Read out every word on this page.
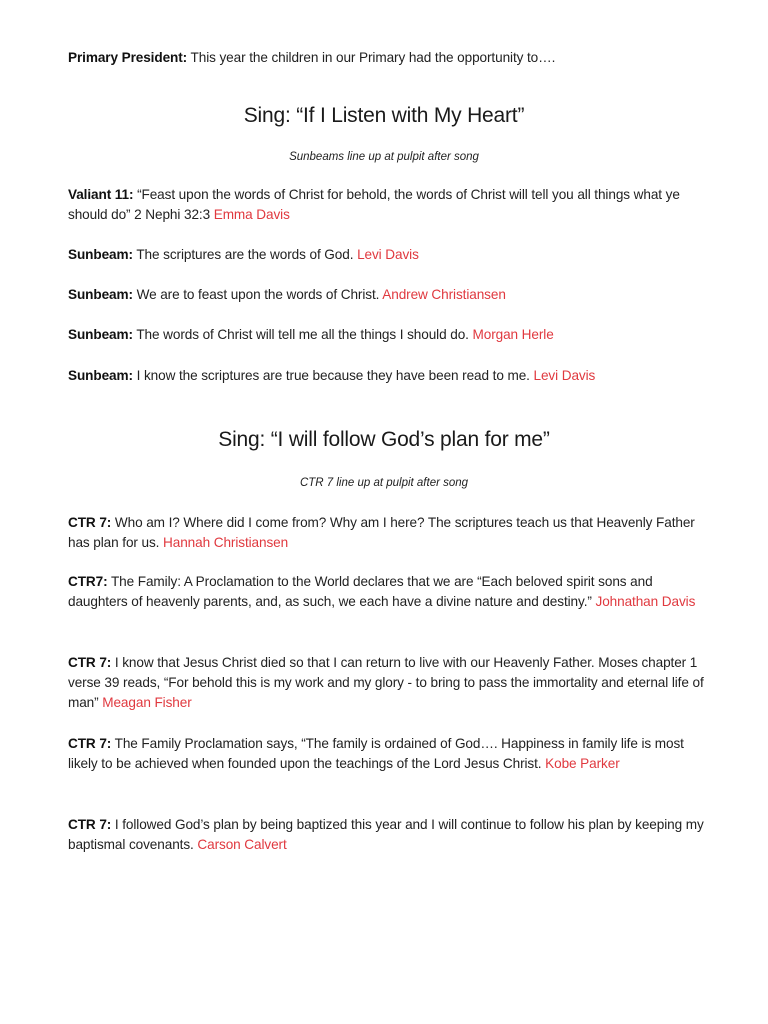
Primary President: This year the children in our Primary had the opportunity to….

Sing: “If I Listen with My Heart”
Sunbeams line up at pulpit after song

Valiant 11: “Feast upon the words of Christ for behold, the words of Christ will tell you all things what ye should do” 2 Nephi 32:3 Emma Davis

Sunbeam: The scriptures are the words of God. Levi Davis

Sunbeam: We are to feast upon the words of Christ. Andrew Christiansen

Sunbeam: The words of Christ will tell me all the things I should do. Morgan Herle

Sunbeam: I know the scriptures are true because they have been read to me. Levi Davis

Sing: “I will follow God’s plan for me”
CTR 7 line up at pulpit after song

CTR 7: Who am I? Where did I come from? Why am I here? The scriptures teach us that Heavenly Father has plan for us. Hannah Christiansen

CTR7: The Family: A Proclamation to the World declares that we are “Each beloved spirit sons and daughters of heavenly parents, and, as such, we each have a divine nature and destiny.” Johnathan Davis

CTR 7: I know that Jesus Christ died so that I can return to live with our Heavenly Father. Moses chapter 1 verse 39 reads, “For behold this is my work and my glory - to bring to pass the immortality and eternal life of man” Meagan Fisher

CTR 7: The Family Proclamation says, “The family is ordained of God…. Happiness in family life is most likely to be achieved when founded upon the teachings of the Lord Jesus Christ. Kobe Parker

CTR 7: I followed God’s plan by being baptized this year and I will continue to follow his plan by keeping my baptismal covenants. Carson Calvert
